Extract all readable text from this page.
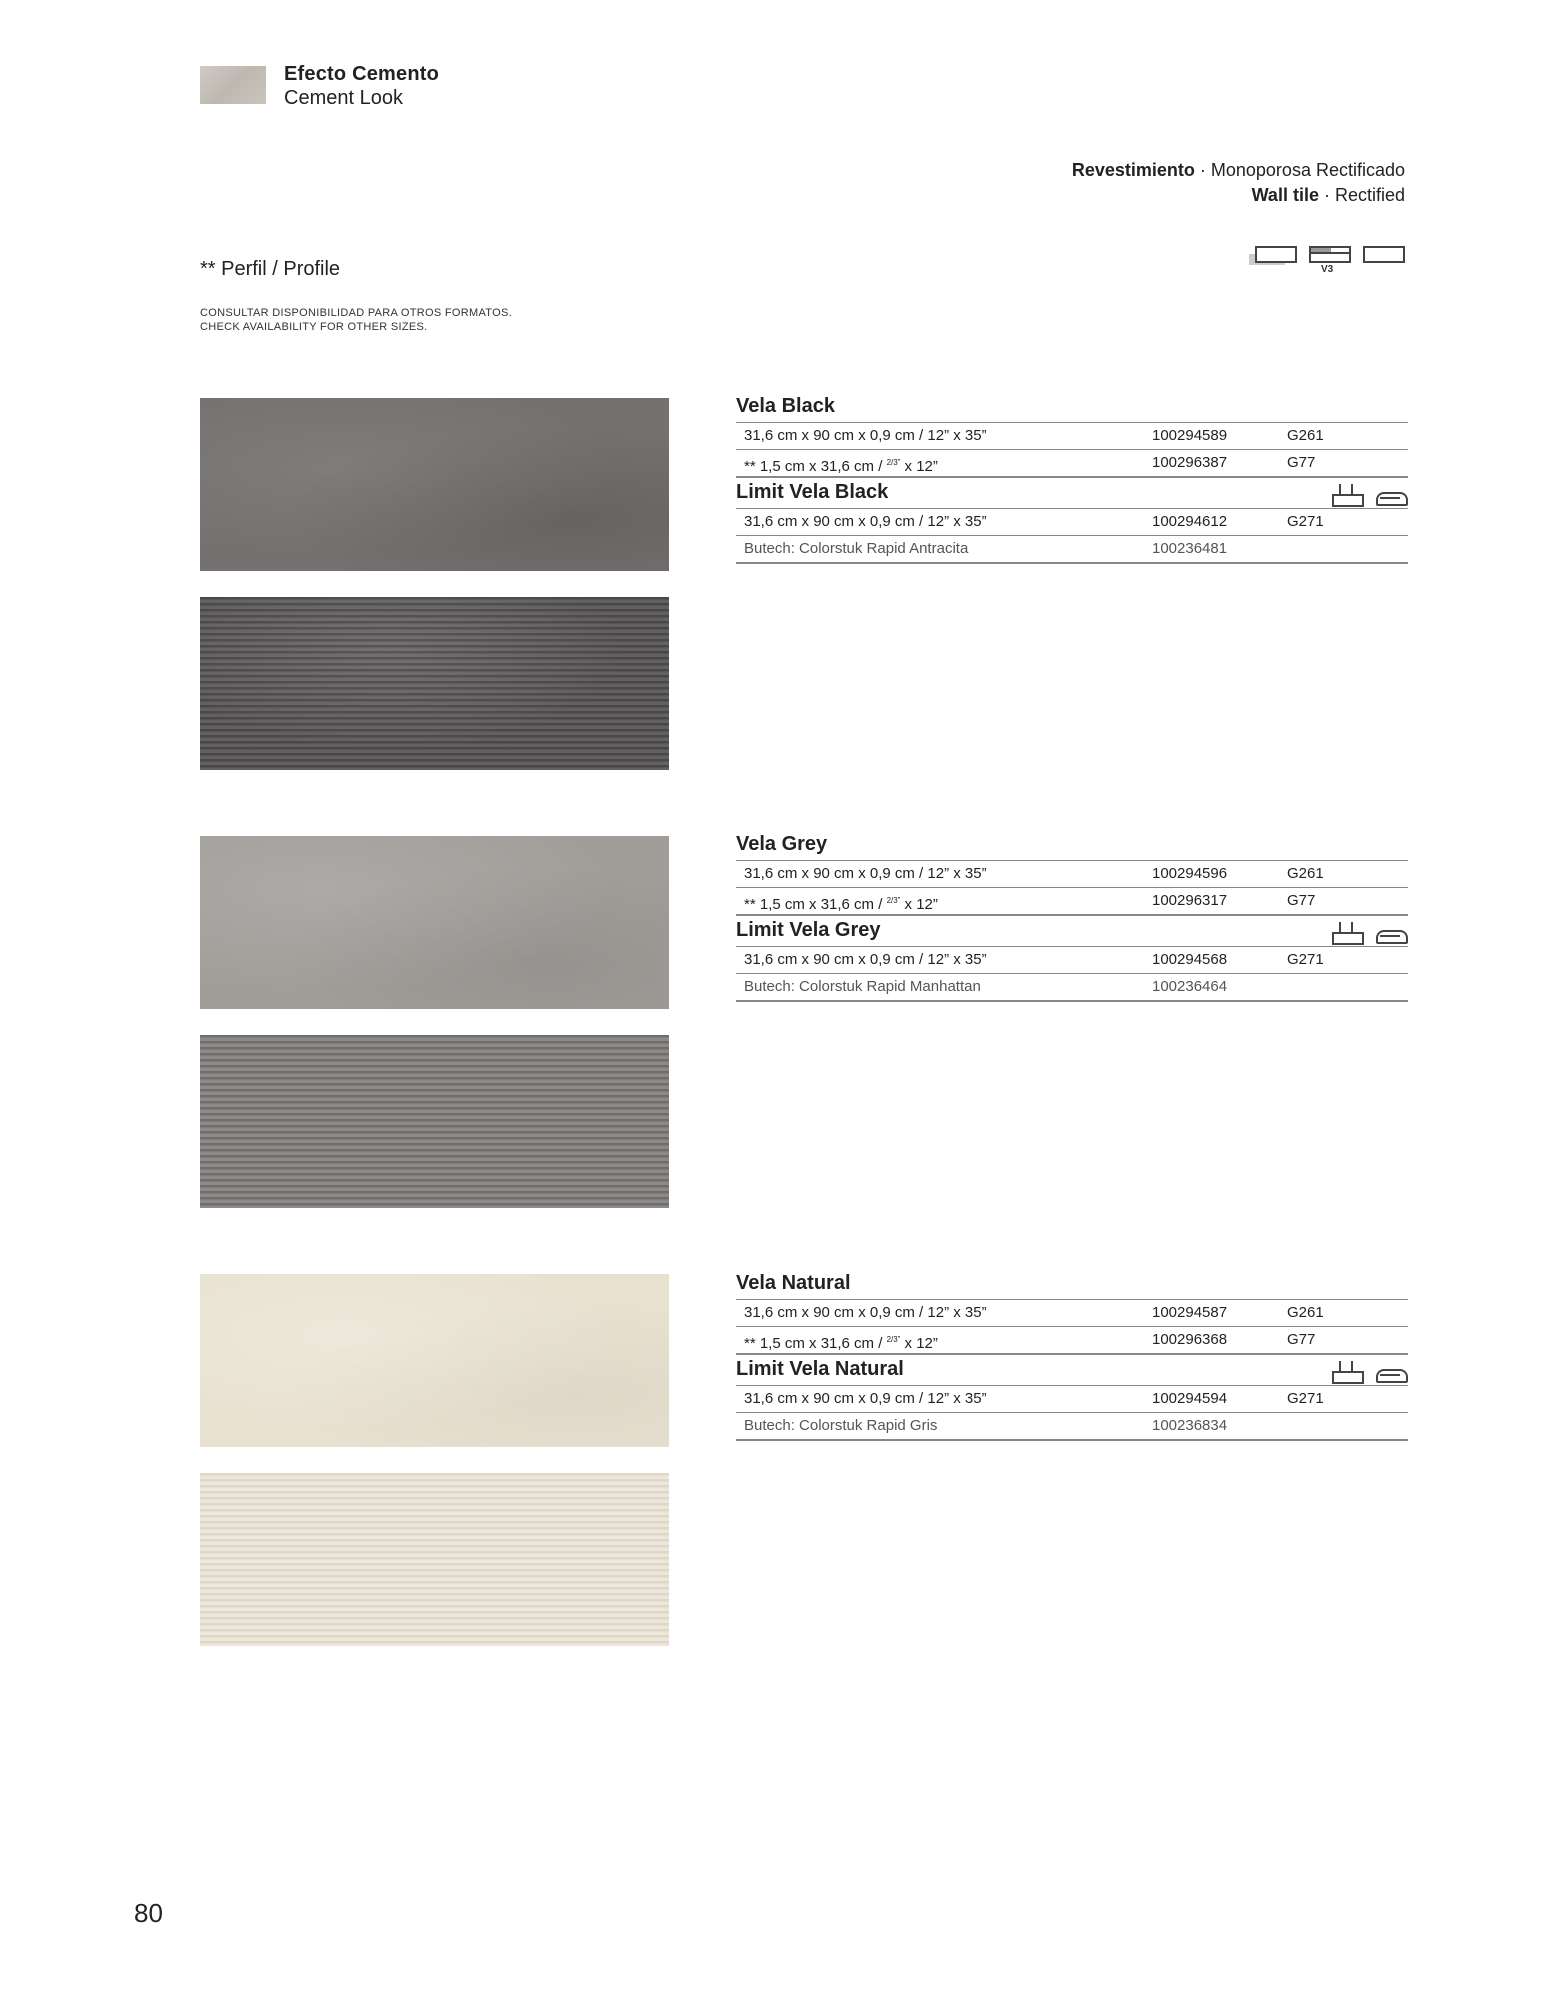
Efecto Cemento
Cement Look
Revestimiento · Monoporosa Rectificado
Wall tile · Rectified
V3
** Perfil / Profile
CONSULTAR DISPONIBILIDAD PARA OTROS FORMATOS.
CHECK AVAILABILITY FOR OTHER SIZES.
Vela Black
31,6 cm x 90 cm x 0,9 cm / 12” x 35”	100294589	G261
** 1,5 cm x 31,6 cm / $^{2/3”}$ x 12”	100296387	G77
Limit Vela Black
31,6 cm x 90 cm x 0,9 cm / 12” x 35”	100294612	G271
Butech: Colorstuk Rapid Antracita	100236481
Vela Grey
31,6 cm x 90 cm x 0,9 cm / 12” x 35”	100294596	G261
** 1,5 cm x 31,6 cm / $^{2/3”}$ x 12”	100296317	G77
Limit Vela Grey
31,6 cm x 90 cm x 0,9 cm / 12” x 35”	100294568	G271
Butech: Colorstuk Rapid Manhattan	100236464
Vela Natural
31,6 cm x 90 cm x 0,9 cm / 12” x 35”	100294587	G261
** 1,5 cm x 31,6 cm / $^{2/3”}$ x 12”	100296368	G77
Limit Vela Natural
31,6 cm x 90 cm x 0,9 cm / 12” x 35”	100294594	G271
Butech: Colorstuk Rapid Gris	100236834
80
